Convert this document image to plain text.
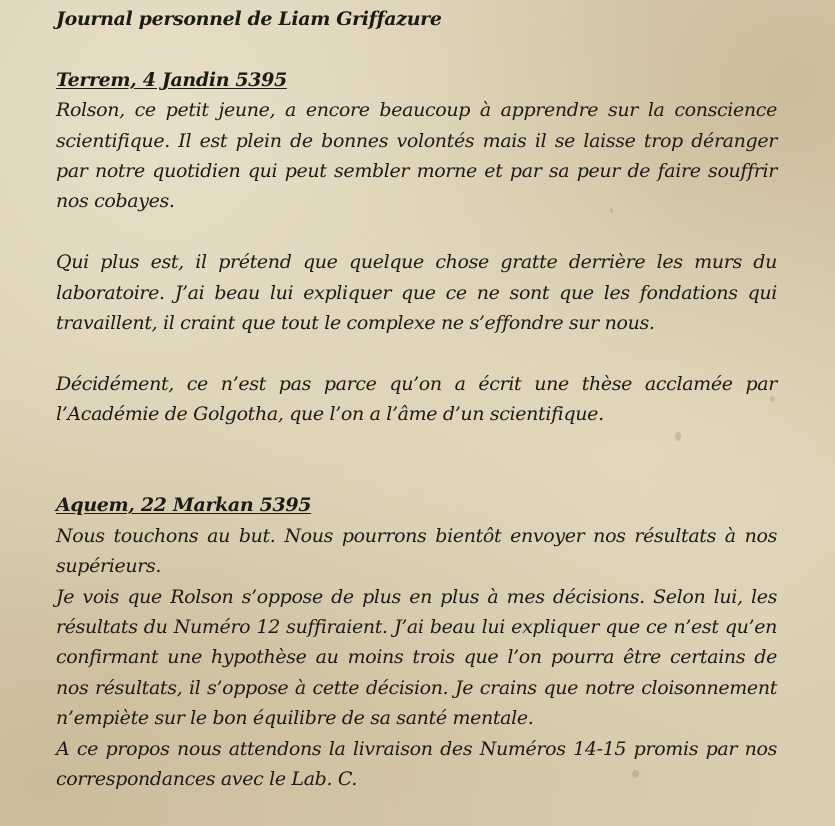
Journal personnel de Liam Griffazure

Terrem, 4 Jandin 5395

Rolson, ce petit jeune, a encore beaucoup à apprendre sur la conscience scientifique. Il est plein de bonnes volontés mais il se laisse trop déranger par notre quotidien qui peut sembler morne et par sa peur de faire souffrir nos cobayes.

Qui plus est, il prétend que quelque chose gratte derrière les murs du laboratoire. J’ai beau lui expliquer que ce ne sont que les fondations qui travaillent, il craint que tout le complexe ne s’effondre sur nous.

Décidément, ce n’est pas parce qu’on a écrit une thèse acclamée par l’Académie de Golgotha, que l’on a l’âme d’un scientifique.

Aquem, 22 Markan 5395

Nous touchons au but. Nous pourrons bientôt envoyer nos résultats à nos supérieurs.

Je vois que Rolson s’oppose de plus en plus à mes décisions. Selon lui, les résultats du Numéro 12 suffiraient. J’ai beau lui expliquer que ce n’est qu’en confirmant une hypothèse au moins trois que l’on pourra être certains de nos résultats, il s’oppose à cette décision. Je crains que notre cloisonnement n’empiète sur le bon équilibre de sa santé mentale.

A ce propos nous attendons la livraison des Numéros 14-15 promis par nos correspondances avec le Lab. C.
